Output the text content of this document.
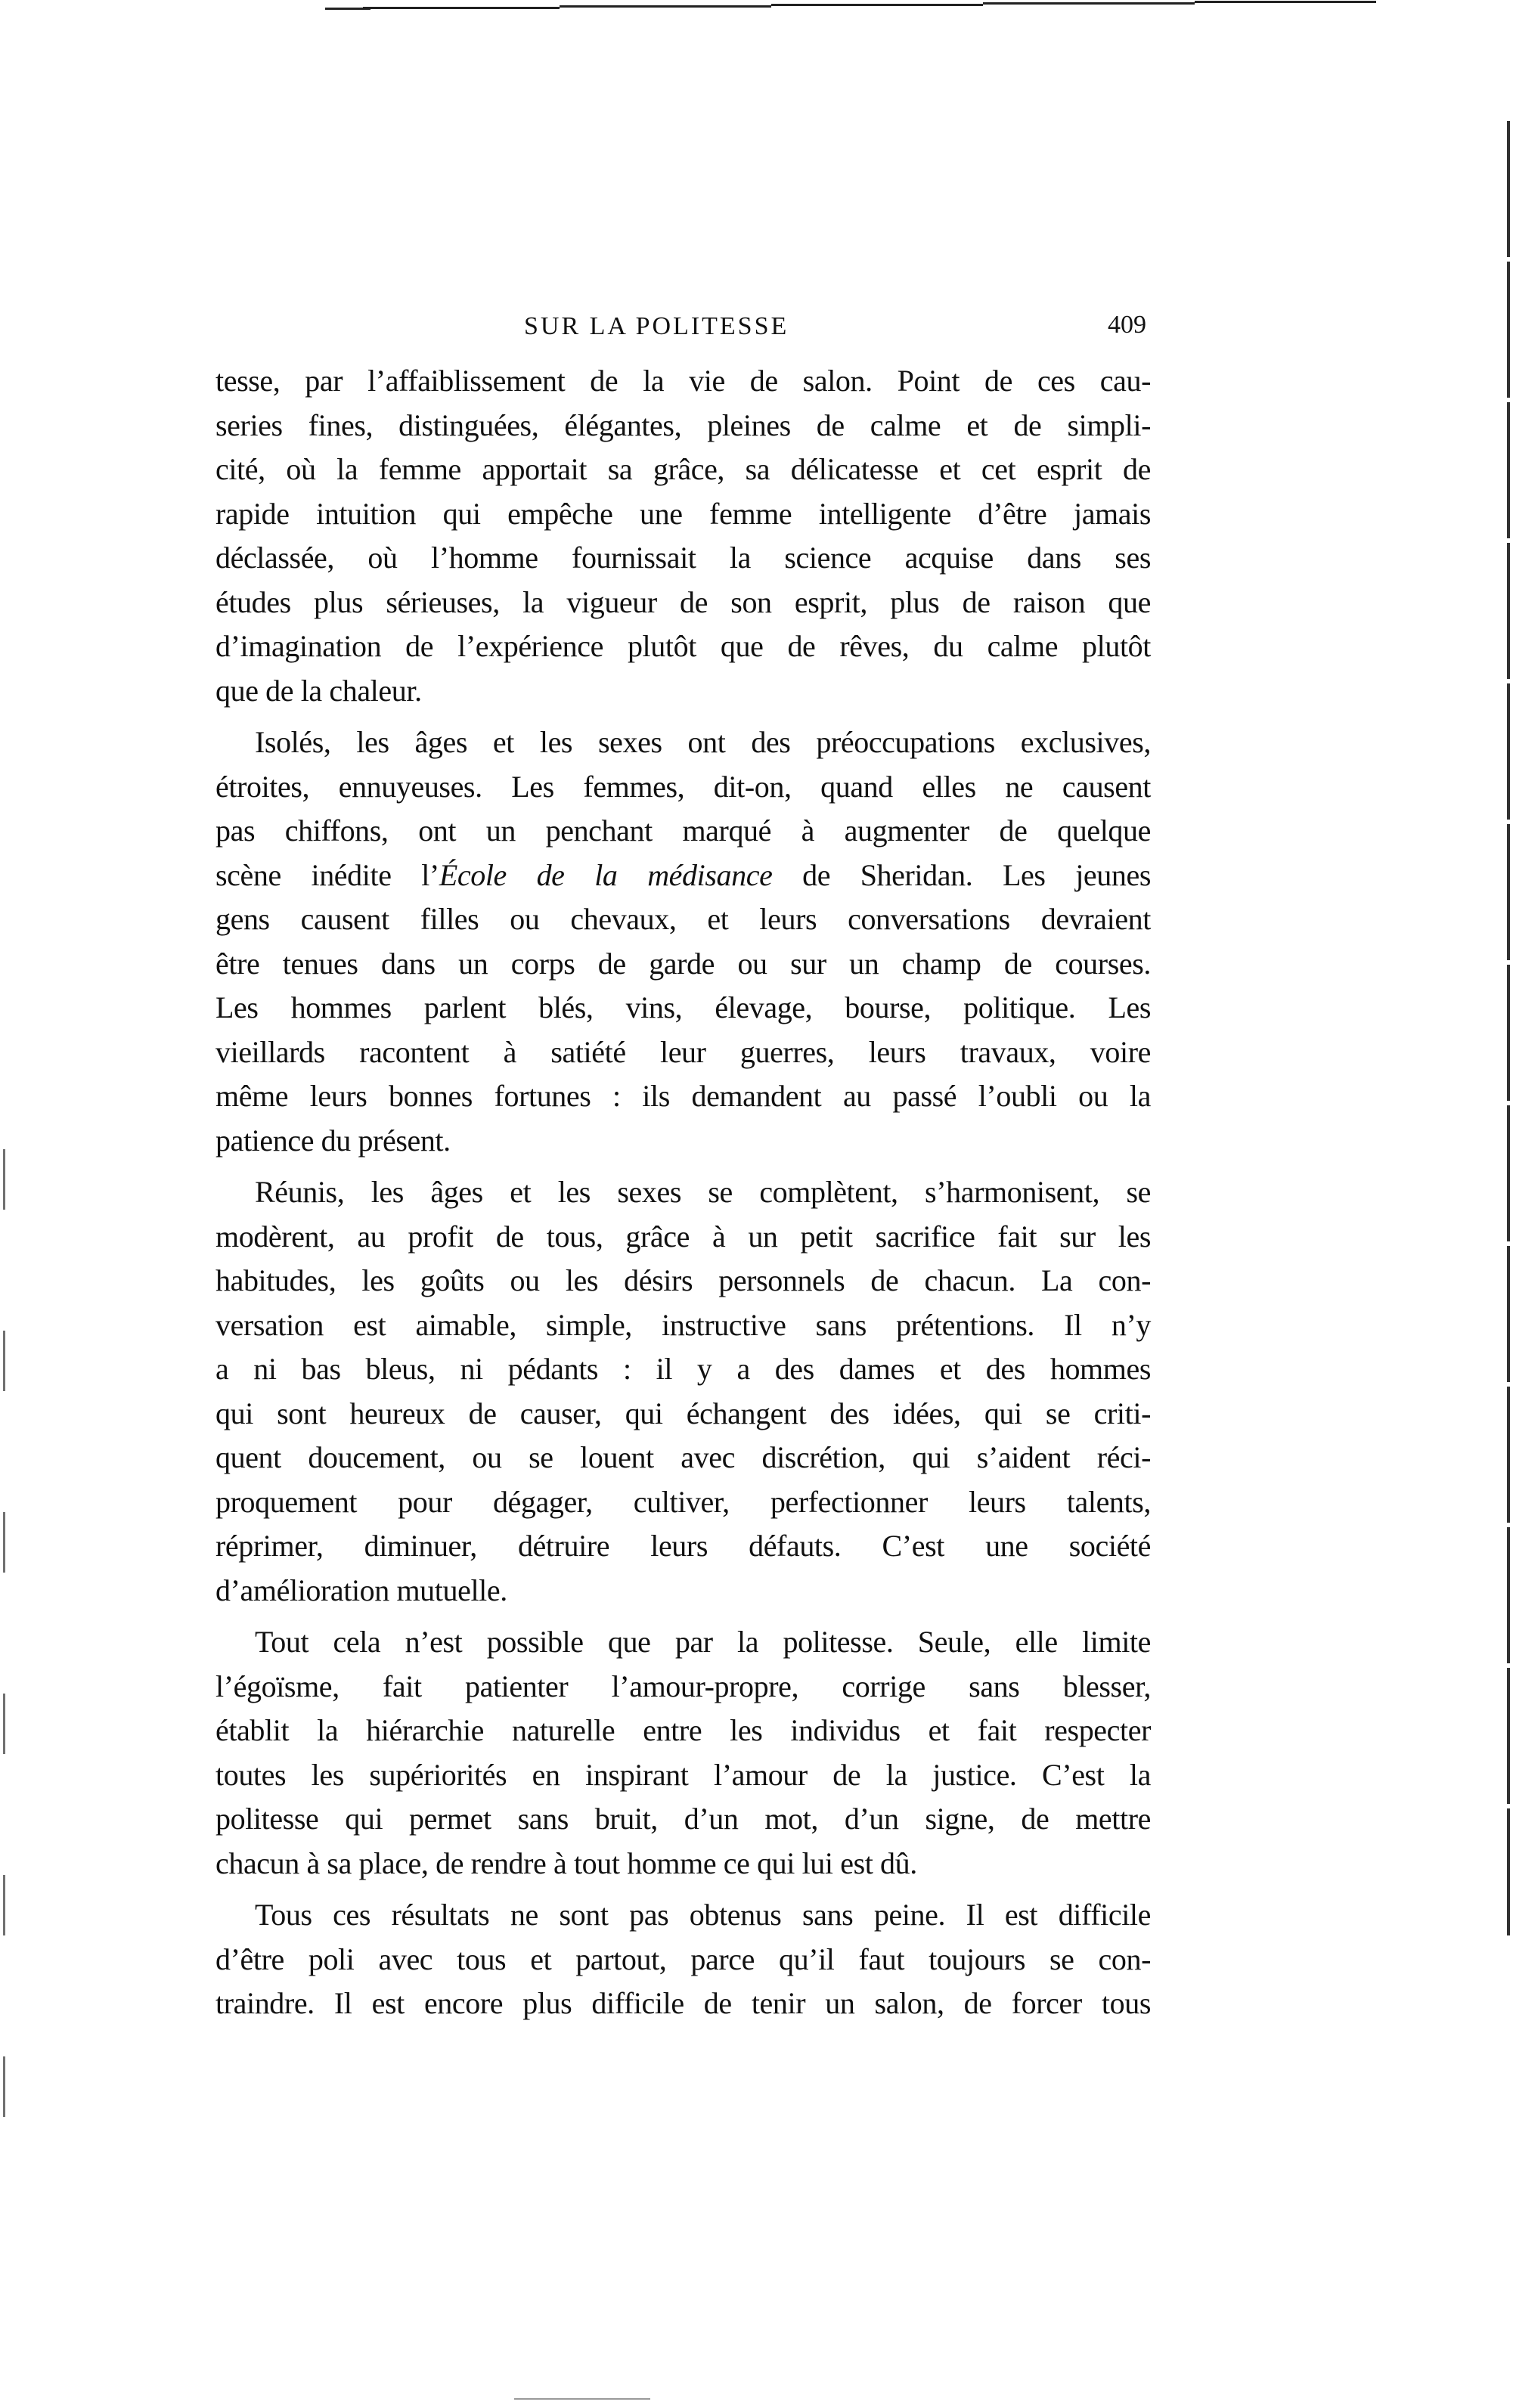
SUR LA POLITESSE	409

tesse, par l’affaiblissement de la vie de salon. Point de ces cau-
series fines, distinguées, élégantes, pleines de calme et de simpli-
cité, où la femme apportait sa grâce, sa délicatesse et cet esprit de
rapide intuition qui empêche une femme intelligente d’être jamais
déclassée, où l’homme fournissait la science acquise dans ses
études plus sérieuses, la vigueur de son esprit, plus de raison que
d’imagination de l’expérience plutôt que de rêves, du calme plutôt
que de la chaleur.

Isolés, les âges et les sexes ont des préoccupations exclusives,
étroites, ennuyeuses. Les femmes, dit-on, quand elles ne causent
pas chiffons, ont un penchant marqué à augmenter de quelque
scène inédite l’École de la médisance de Sheridan. Les jeunes
gens causent filles ou chevaux, et leurs conversations devraient
être tenues dans un corps de garde ou sur un champ de courses.
Les hommes parlent blés, vins, élevage, bourse, politique. Les
vieillards racontent à satiété leur guerres, leurs travaux, voire
même leurs bonnes fortunes : ils demandent au passé l’oubli ou la
patience du présent.

Réunis, les âges et les sexes se complètent, s’harmonisent, se
modèrent, au profit de tous, grâce à un petit sacrifice fait sur les
habitudes, les goûts ou les désirs personnels de chacun. La con-
versation est aimable, simple, instructive sans prétentions. Il n’y
a ni bas bleus, ni pédants : il y a des dames et des hommes
qui sont heureux de causer, qui échangent des idées, qui se criti-
quent doucement, ou se louent avec discrétion, qui s’aident réci-
proquement pour dégager, cultiver, perfectionner leurs talents,
réprimer, diminuer, détruire leurs défauts. C’est une société
d’amélioration mutuelle.

Tout cela n’est possible que par la politesse. Seule, elle limite
l’égoïsme, fait patienter l’amour-propre, corrige sans blesser,
établit la hiérarchie naturelle entre les individus et fait respecter
toutes les supériorités en inspirant l’amour de la justice. C’est la
politesse qui permet sans bruit, d’un mot, d’un signe, de mettre
chacun à sa place, de rendre à tout homme ce qui lui est dû.

Tous ces résultats ne sont pas obtenus sans peine. Il est difficile
d’être poli avec tous et partout, parce qu’il faut toujours se con-
traindre. Il est encore plus difficile de tenir un salon, de forcer tous
